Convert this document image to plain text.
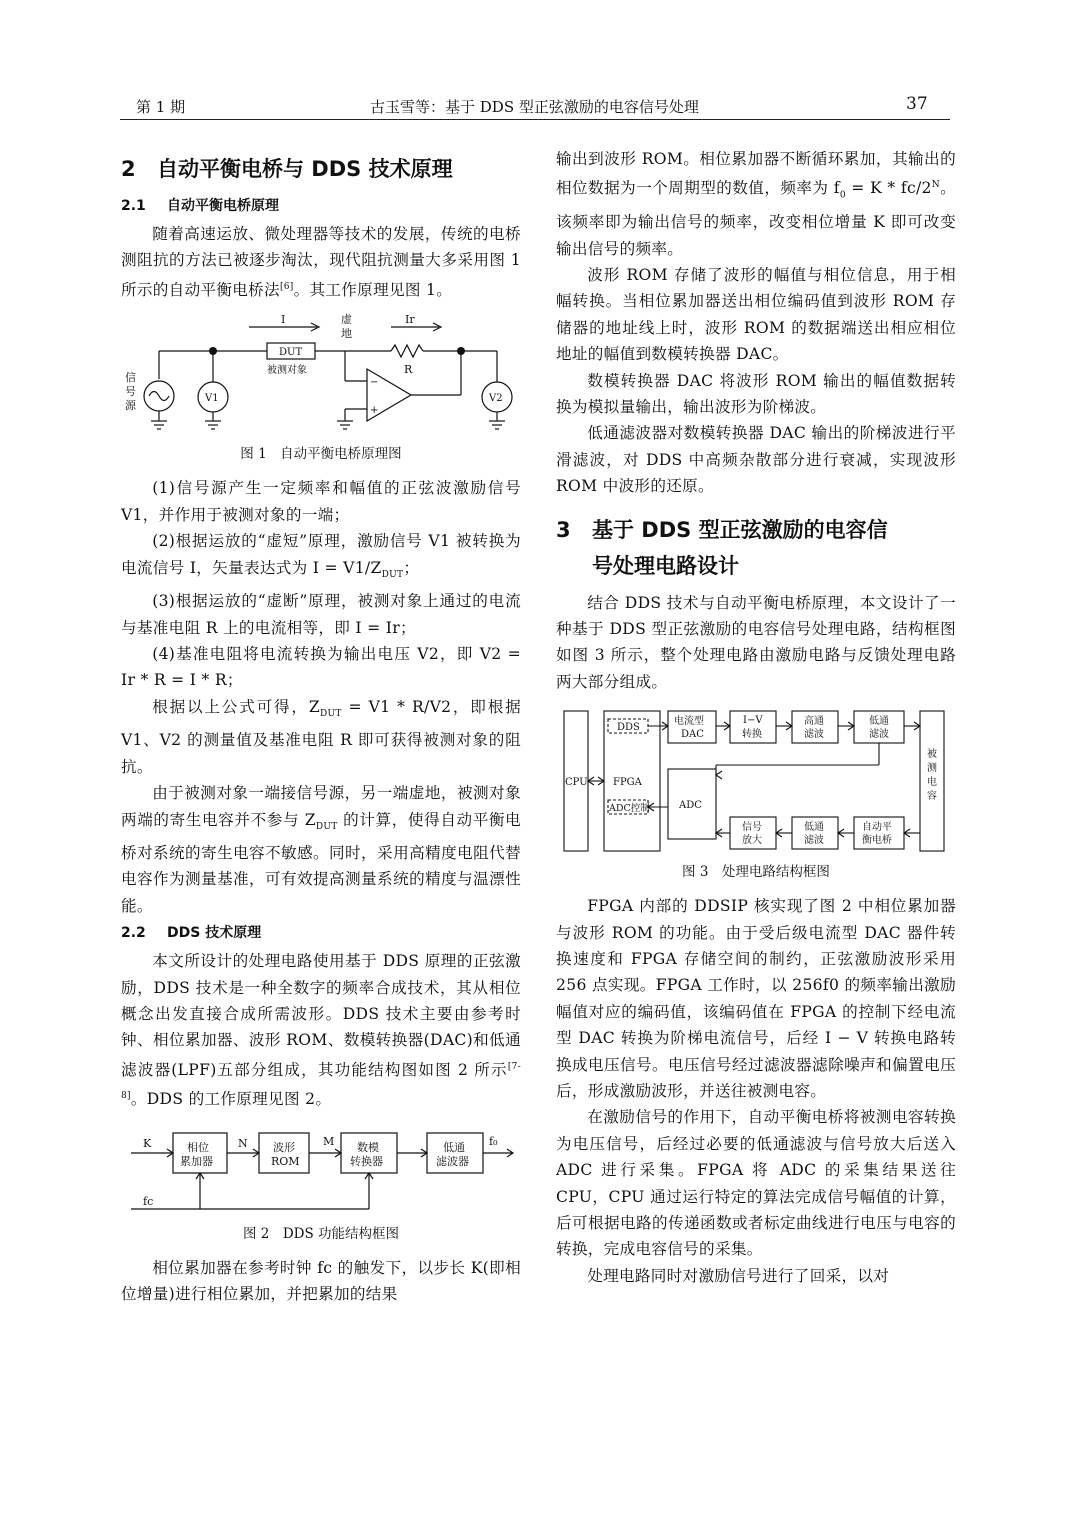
第 1 期	古玉雪等：基于 DDS 型正弦激励的电容信号处理	37
2 自动平衡电桥与 DDS 技术原理
2.1 自动平衡电桥原理

随着高速运放、微处理器等技术的发展，传统的电桥测阻抗的方法已被逐步淘汰，现代阻抗测量大多采用图 1 所示的自动平衡电桥法[6]。其工作原理见图 1。

I	虚
地
Ir
DUT
被测对象	R
V1	V2
信
号
源
−
+
图 1　自动平衡电桥原理图

(1)信号源产生一定频率和幅值的正弦波激励信号 V1，并作用于被测对象的一端；

(2)根据运放的“虚短”原理，激励信号 V1 被转换为电流信号 I，矢量表达式为 $I = V1/Z_{DUT}$；

(3)根据运放的“虚断”原理，被测对象上通过的电流与基准电阻 R 上的电流相等，即 I = Ir；

(4)基准电阻将电流转换为输出电压 V2，即 V2 = Ir * R = I * R；

根据以上公式可得，$Z_{DUT} = V1 * R/V2$，即根据 V1、V2 的测量值及基准电阻 R 即可获得被测对象的阻抗。

由于被测对象一端接信号源，另一端虚地，被测对象两端的寄生电容并不参与 $Z_{DUT}$ 的计算，使得自动平衡电桥对系统的寄生电容不敏感。同时，采用高精度电阻代替电容作为测量基准，可有效提高测量系统的精度与温漂性能。

2.2 DDS 技术原理

本文所设计的处理电路使用基于 DDS 原理的正弦激励，DDS 技术是一种全数字的频率合成技术，其从相位概念出发直接合成所需波形。DDS 技术主要由参考时钟、相位累加器、波形 ROM、数模转换器(DAC)和低通滤波器(LPF)五部分组成，其功能结构图如图 2 所示[7-8]。DDS 的工作原理见图 2。

K	N	M	f₀
fc
相位
累加器
波形
ROM
数模
转换器
低通
滤波器
图 2　DDS 功能结构框图

相位累加器在参考时钟 fc 的触发下，以步长 K(即相位增量)进行相位累加，并把累加的结果

输出到波形 ROM。相位累加器不断循环累加，其输出的相位数据为一个周期型的数值，频率为 $f_0 = K * fc/2^N$。该频率即为输出信号的频率，改变相位增量 K 即可改变输出信号的频率。

波形 ROM 存储了波形的幅值与相位信息，用于相幅转换。当相位累加器送出相位编码值到波形 ROM 存储器的地址线上时，波形 ROM 的数据端送出相应相位地址的幅值到数模转换器 DAC。

数模转换器 DAC 将波形 ROM 输出的幅值数据转换为模拟量输出，输出波形为阶梯波。

低通滤波器对数模转换器 DAC 输出的阶梯波进行平滑滤波，对 DDS 中高频杂散部分进行衰减，实现波形 ROM 中波形的还原。

3 基于 DDS 型正弦激励的电容信
号处理电路设计

结合 DDS 技术与自动平衡电桥原理，本文设计了一种基于 DDS 型正弦激励的电容信号处理电路，结构框图如图 3 所示，整个处理电路由激励电路与反馈处理电路两大部分组成。

CPU	FPGA
DDS
ADC控制	ADC
电流型
DAC
I−V
转换
高通
滤波
低通
滤波
被
测
电
容
信号
放大
低通
滤波
自动平
衡电桥
图 3　处理电路结构框图

FPGA 内部的 DDSIP 核实现了图 2 中相位累加器与波形 ROM 的功能。由于受后级电流型 DAC 器件转换速度和 FPGA 存储空间的制约，正弦激励波形采用 256 点实现。FPGA 工作时，以 256f0 的频率输出激励幅值对应的编码值，该编码值在 FPGA 的控制下经电流型 DAC 转换为阶梯电流信号，后经 I − V 转换电路转换成电压信号。电压信号经过滤波器滤除噪声和偏置电压后，形成激励波形，并送往被测电容。

在激励信号的作用下，自动平衡电桥将被测电容转换为电压信号，后经过必要的低通滤波与信号放大后送入 ADC 进行采集。FPGA 将 ADC 的采集结果送往 CPU，CPU 通过运行特定的算法完成信号幅值的计算，后可根据电路的传递函数或者标定曲线进行电压与电容的转换，完成电容信号的采集。

处理电路同时对激励信号进行了回采，以对
